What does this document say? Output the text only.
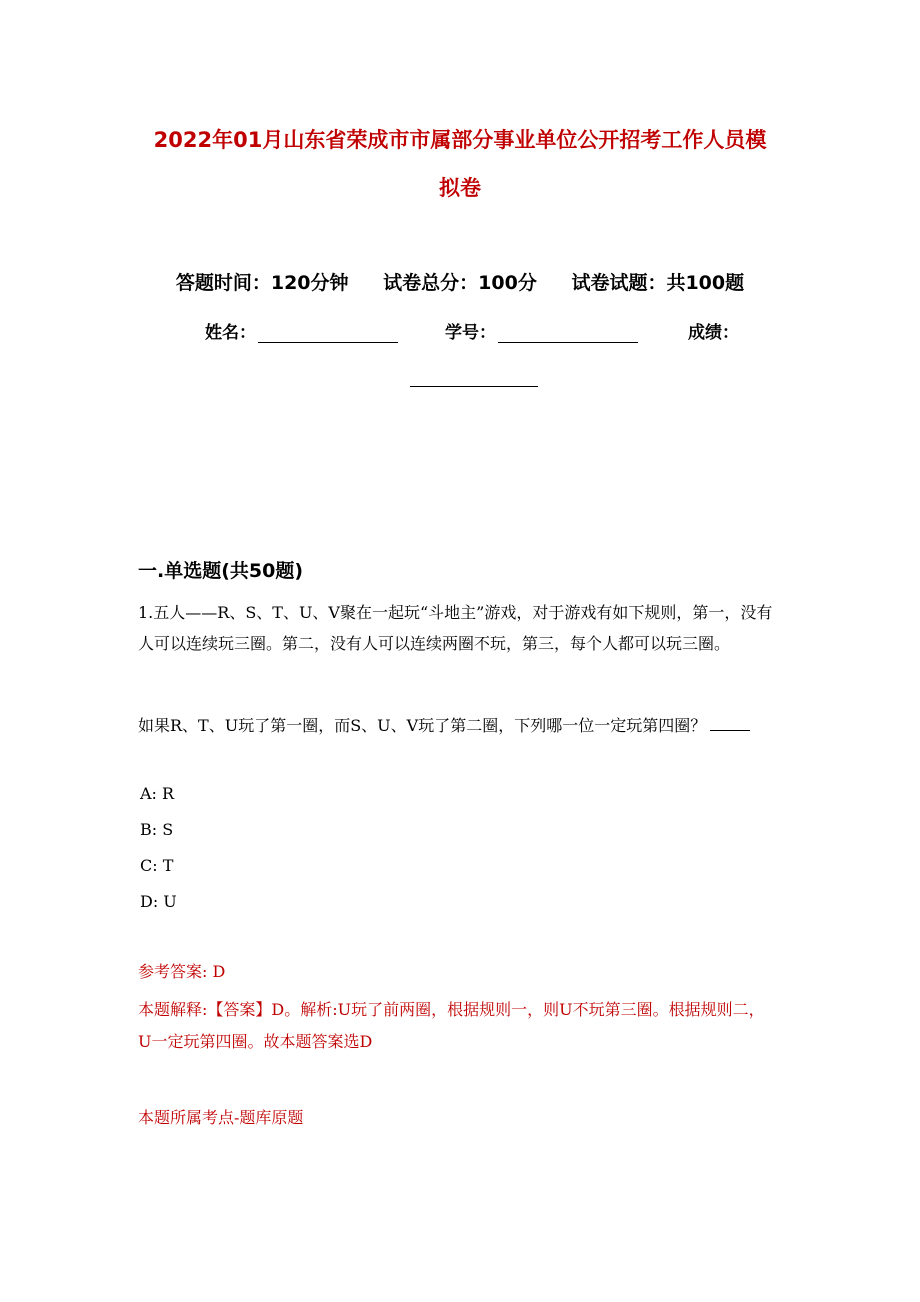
2022年01月山东省荣成市市属部分事业单位公开招考工作人员模
拟卷
答题时间：120分钟 试卷总分：100分 试卷试题：共100题
姓名：	学号：	成绩：
一.单选题(共50题)

1.五人——R、S、T、U、V聚在一起玩“斗地主”游戏，对于游戏有如下规则，第一，没有人可以连续玩三圈。第二，没有人可以连续两圈不玩，第三，每个人都可以玩三圈。

如果R、T、U玩了第一圈，而S、U、V玩了第二圈，下列哪一位一定玩第四圈？

A: R

B: S

C: T

D: U

参考答案: D

本题解释:【答案】D。解析:U玩了前两圈，根据规则一，则U不玩第三圈。根据规则二，U一定玩第四圈。故本题答案选D

本题所属考点-题库原题
